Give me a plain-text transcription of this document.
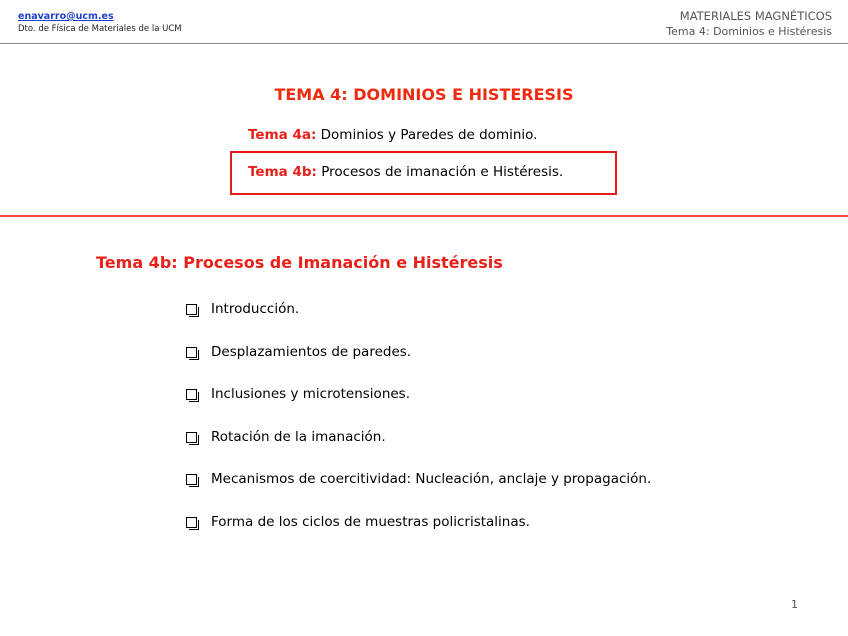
enavarro@ucm.es
Dto. de Física de Materiales de la UCM
MATERIALES MAGNÉTICOS
Tema 4: Dominios e Histéresis
TEMA 4: DOMINIOS E HISTERESIS
Tema 4a: Dominios y Paredes de dominio.
Tema 4b: Procesos de imanación e Histéresis.
Tema 4b: Procesos de Imanación e Histéresis
Introducción.
Desplazamientos de paredes.
Inclusiones y microtensiones.
Rotación de la imanación.
Mecanismos de coercitividad: Nucleación, anclaje y propagación.
Forma de los ciclos de muestras policristalinas.
1
